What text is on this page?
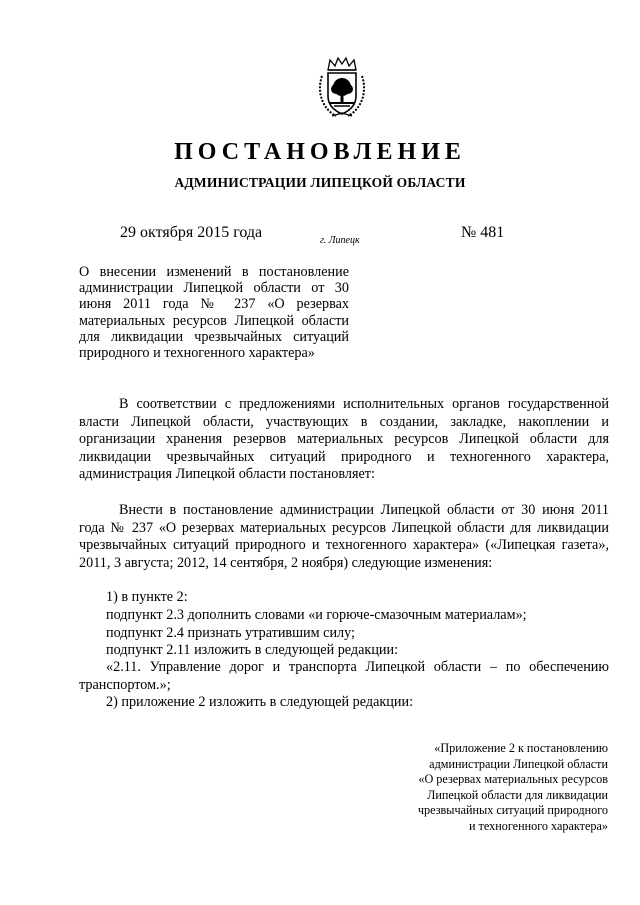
ПОСТАНОВЛЕНИЕ
АДМИНИСТРАЦИИ ЛИПЕЦКОЙ ОБЛАСТИ
29 октября 2015 года	г. Липецк	№ 481
О внесении изменений в постановление администрации Липецкой области от 30 июня 2011 года № 237 «О резервах материальных ресурсов Липецкой области для ликвидации чрезвычайных ситуаций природного и техногенного характера»
В соответствии с предложениями исполнительных органов государственной власти Липецкой области, участвующих в создании, закладке, накоплении и организации хранения резервов материальных ресурсов Липецкой области для ликвидации чрезвычайных ситуаций природного и техногенного характера, администрация Липецкой области постановляет:
Внести в постановление администрации Липецкой области от 30 июня 2011 года № 237 «О резервах материальных ресурсов Липецкой области для ликвидации чрезвычайных ситуаций природного и техногенного характера» («Липецкая газета», 2011, 3 августа; 2012, 14 сентября, 2 ноября) следующие изменения:
1) в пункте 2:
подпункт 2.3 дополнить словами «и горюче-смазочным материалам»;
подпункт 2.4 признать утратившим силу;
подпункт 2.11 изложить в следующей редакции:
«2.11. Управление дорог и транспорта Липецкой области – по обеспечению транспортом.»;
2) приложение 2 изложить в следующей редакции:
«Приложение 2 к постановлению
администрации Липецкой области
«О резервах материальных ресурсов
Липецкой области для ликвидации
чрезвычайных ситуаций природного
и техногенного характера»
